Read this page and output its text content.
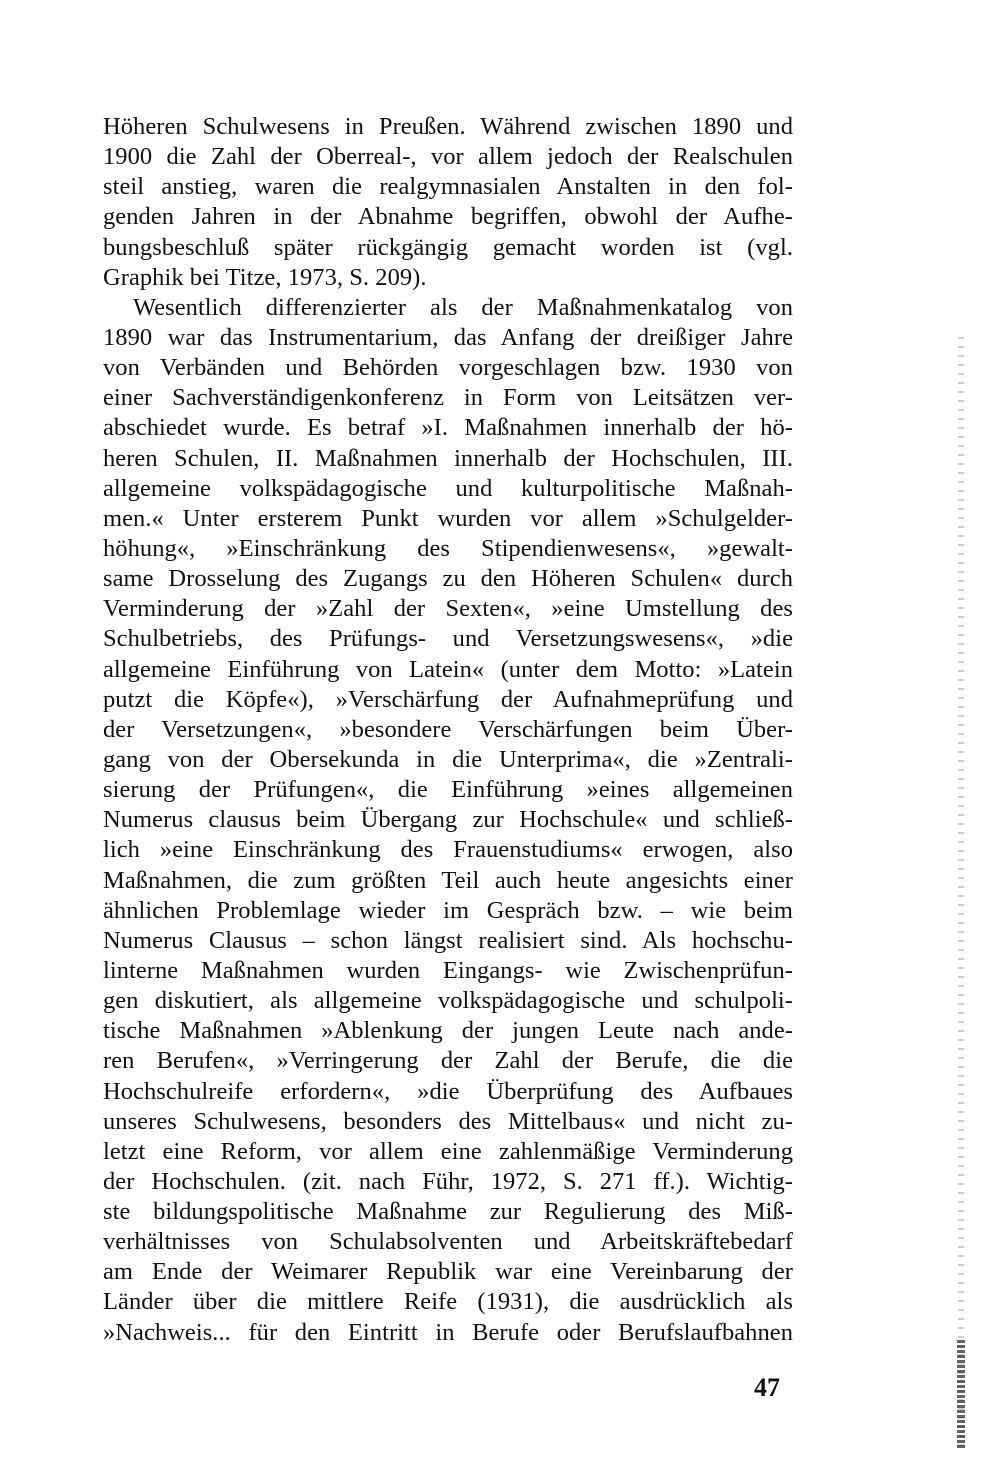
Höheren Schulwesens in Preußen. Während zwischen 1890 und
1900 die Zahl der Oberreal-, vor allem jedoch der Realschulen
steil anstieg, waren die realgymnasialen Anstalten in den fol-
genden Jahren in der Abnahme begriffen, obwohl der Aufhe-
bungsbeschluß später rückgängig gemacht worden ist (vgl.
Graphik bei Titze, 1973, S. 209).
Wesentlich differenzierter als der Maßnahmenkatalog von
1890 war das Instrumentarium, das Anfang der dreißiger Jahre
von Verbänden und Behörden vorgeschlagen bzw. 1930 von
einer Sachverständigenkonferenz in Form von Leitsätzen ver-
abschiedet wurde. Es betraf »I. Maßnahmen innerhalb der hö-
heren Schulen, II. Maßnahmen innerhalb der Hochschulen, III.
allgemeine volkspädagogische und kulturpolitische Maßnah-
men.« Unter ersterem Punkt wurden vor allem »Schulgelder-
höhung«, »Einschränkung des Stipendienwesens«, »gewalt-
same Drosselung des Zugangs zu den Höheren Schulen« durch
Verminderung der »Zahl der Sexten«, »eine Umstellung des
Schulbetriebs, des Prüfungs- und Versetzungswesens«, »die
allgemeine Einführung von Latein« (unter dem Motto: »Latein
putzt die Köpfe«), »Verschärfung der Aufnahmeprüfung und
der Versetzungen«, »besondere Verschärfungen beim Über-
gang von der Obersekunda in die Unterprima«, die »Zentrali-
sierung der Prüfungen«, die Einführung »eines allgemeinen
Numerus clausus beim Übergang zur Hochschule« und schließ-
lich »eine Einschränkung des Frauenstudiums« erwogen, also
Maßnahmen, die zum größten Teil auch heute angesichts einer
ähnlichen Problemlage wieder im Gespräch bzw. – wie beim
Numerus Clausus – schon längst realisiert sind. Als hochschu-
linterne Maßnahmen wurden Eingangs- wie Zwischenprüfun-
gen diskutiert, als allgemeine volkspädagogische und schulpoli-
tische Maßnahmen »Ablenkung der jungen Leute nach ande-
ren Berufen«, »Verringerung der Zahl der Berufe, die die
Hochschulreife erfordern«, »die Überprüfung des Aufbaues
unseres Schulwesens, besonders des Mittelbaus« und nicht zu-
letzt eine Reform, vor allem eine zahlenmäßige Verminderung
der Hochschulen. (zit. nach Führ, 1972, S. 271 ff.). Wichtig-
ste bildungspolitische Maßnahme zur Regulierung des Miß-
verhältnisses von Schulabsolventen und Arbeitskräftebedarf
am Ende der Weimarer Republik war eine Vereinbarung der
Länder über die mittlere Reife (1931), die ausdrücklich als
»Nachweis... für den Eintritt in Berufe oder Berufslaufbahnen
47
